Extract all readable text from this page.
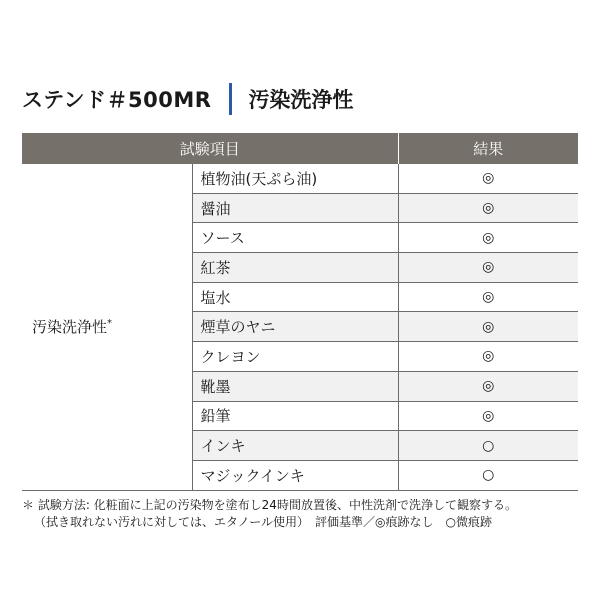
ステンド＃500MR 汚染洗浄性
試験項目		結果
汚染洗浄性*	植物油(天ぷら油)	◎
	醤油	◎
	ソース	◎
	紅茶	◎
	塩水	◎
	煙草のヤニ	◎
	クレヨン	◎
	靴墨	◎
	鉛筆	◎
	インキ	○
	マジックインキ	○
＊ 試験方法: 化粧面に上記の汚染物を塗布し24時間放置後、中性洗剤で洗浄して観察する。
（拭き取れない汚れに対しては、エタノール使用）　評価基準／◎痕跡なし　○微痕跡
